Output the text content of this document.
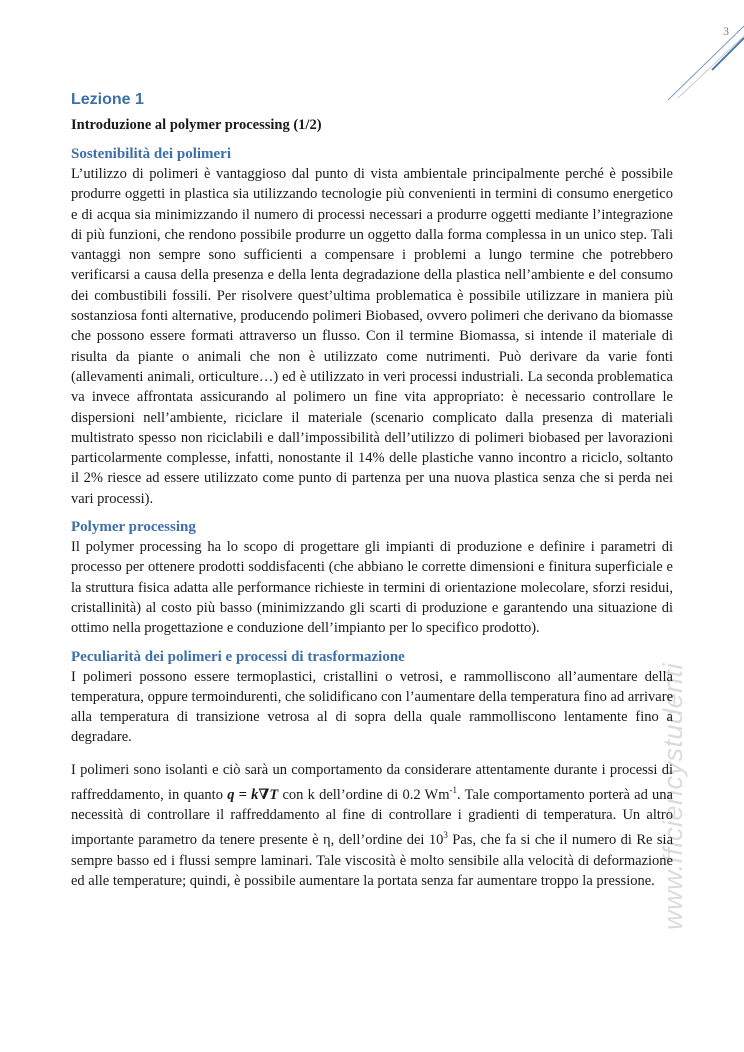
3
www.fficiencystudenti
Lezione 1
Introduzione al polymer processing (1/2)
Sostenibilità dei polimeri

L’utilizzo di polimeri è vantaggioso dal punto di vista ambientale principalmente perché è possibile produrre oggetti in plastica sia utilizzando tecnologie più convenienti in termini di consumo energetico e di acqua sia minimizzando il numero di processi necessari a produrre oggetti mediante l’integrazione di più funzioni, che rendono possibile produrre un oggetto dalla forma complessa in un unico step. Tali vantaggi non sempre sono sufficienti a compensare i problemi a lungo termine che potrebbero verificarsi a causa della presenza e della lenta degradazione della plastica nell’ambiente e del consumo dei combustibili fossili. Per risolvere quest’ultima problematica è possibile utilizzare in maniera più sostanziosa fonti alternative, producendo polimeri Biobased, ovvero polimeri che derivano da biomasse che possono essere formati attraverso un flusso. Con il termine Biomassa, si intende il materiale di risulta da piante o animali che non è utilizzato come nutrimenti. Può derivare da varie fonti (allevamenti animali, orticulture…) ed è utilizzato in veri processi industriali. La seconda problematica va invece affrontata assicurando al polimero un fine vita appropriato: è necessario controllare le dispersioni nell’ambiente, riciclare il materiale (scenario complicato dalla presenza di materiali multistrato spesso non riciclabili e dall’impossibilità dell’utilizzo di polimeri biobased per lavorazioni particolarmente complesse, infatti, nonostante il 14% delle plastiche vanno incontro a riciclo, soltanto il 2% riesce ad essere utilizzato come punto di partenza per una nuova plastica senza che si perda nei vari processi).

Polymer processing

Il polymer processing ha lo scopo di progettare gli impianti di produzione e definire i parametri di processo per ottenere prodotti soddisfacenti (che abbiano le corrette dimensioni e finitura superficiale e la struttura fisica adatta alle performance richieste in termini di orientazione molecolare, sforzi residui, cristallinità) al costo più basso (minimizzando gli scarti di produzione e garantendo una situazione di ottimo nella progettazione e conduzione dell’impianto per lo specifico prodotto).

Peculiarità dei polimeri e processi di trasformazione

I polimeri possono essere termoplastici, cristallini o vetrosi, e rammolliscono all’aumentare della temperatura, oppure termoindurenti, che solidificano con l’aumentare della temperatura fino ad arrivare alla temperatura di transizione vetrosa al di sopra della quale rammolliscono lentamente fino a degradare.

I polimeri sono isolanti e ciò sarà un comportamento da considerare attentamente durante i processi di raffreddamento, in quanto q = k∇T con k dell’ordine di 0.2 $Wm^{-1}$. Tale comportamento porterà ad una necessità di controllare il raffreddamento al fine di controllare i gradienti di temperatura. Un altro importante parametro da tenere presente è η, dell’ordine dei $10^3$ Pas, che fa si che il numero di Re sia sempre basso ed i flussi sempre laminari. Tale viscosità è molto sensibile alla velocità di deformazione ed alle temperature; quindi, è possibile aumentare la portata senza far aumentare troppo la pressione.
